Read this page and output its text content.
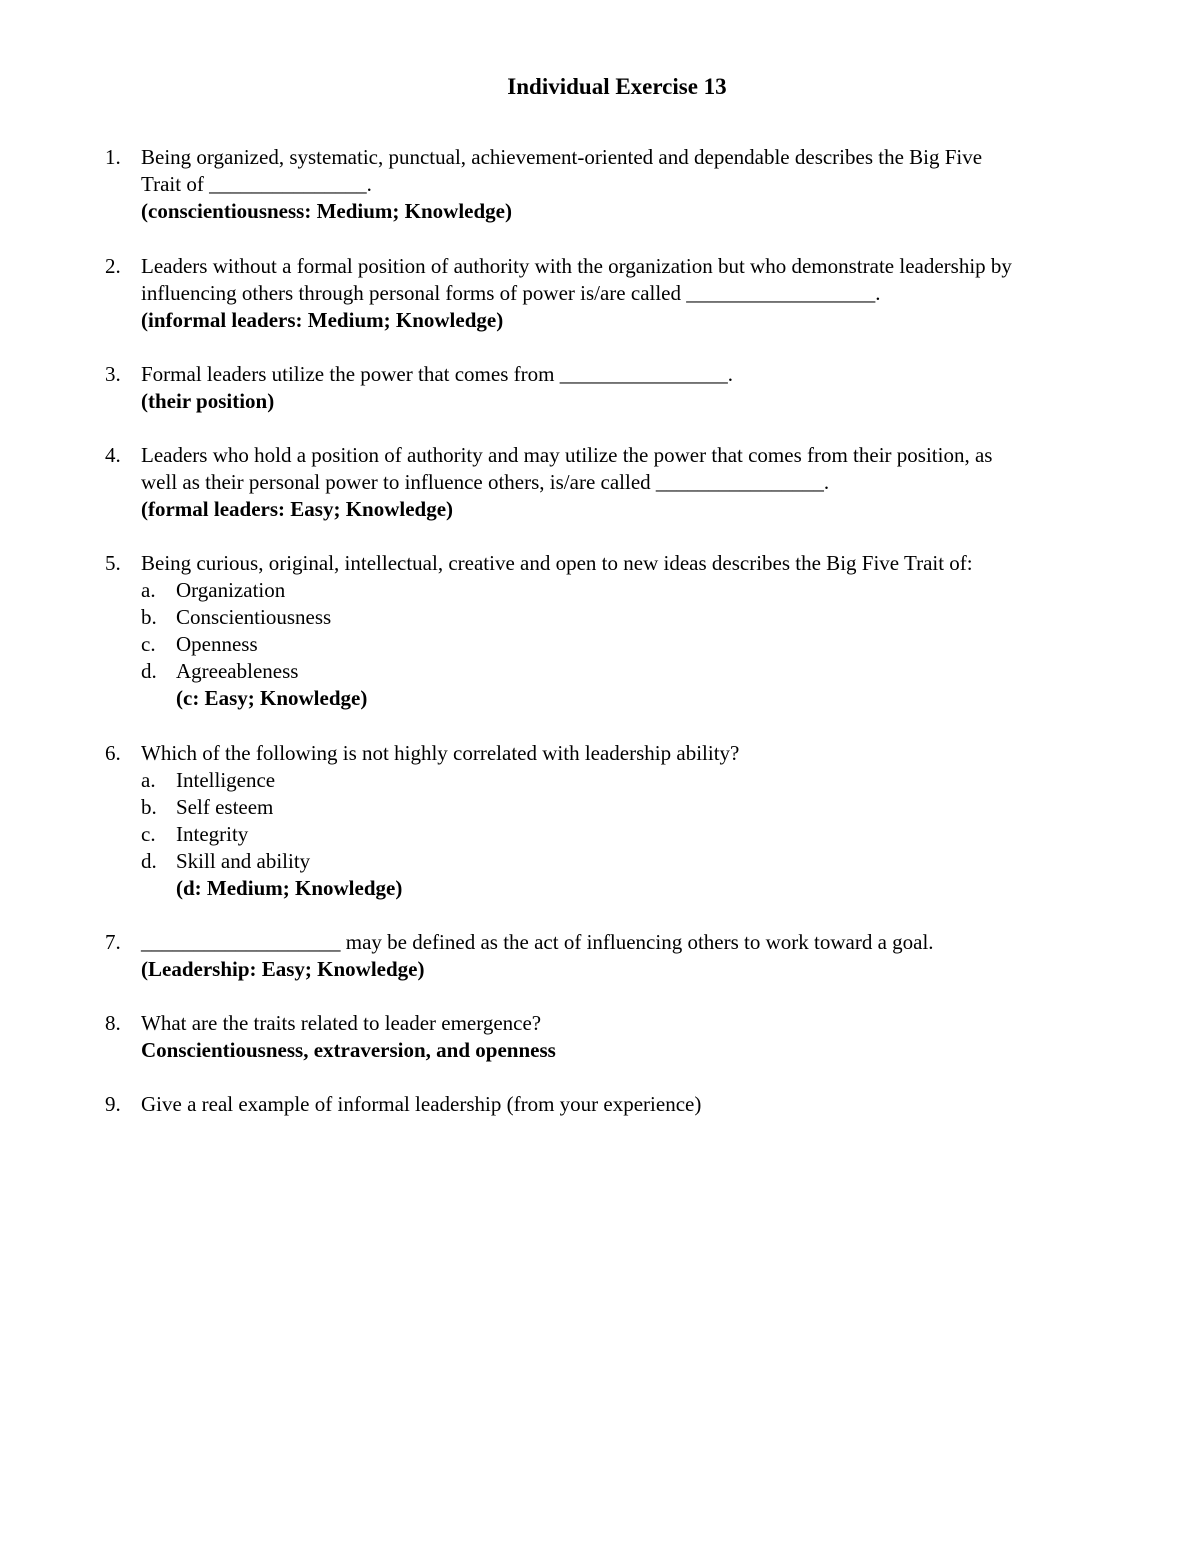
Individual Exercise 13
1. Being organized, systematic, punctual, achievement-oriented and dependable describes the Big Five
Trait of _______________.
(conscientiousness: Medium; Knowledge)
2. Leaders without a formal position of authority with the organization but who demonstrate leadership by
influencing others through personal forms of power is/are called __________________.
(informal leaders: Medium; Knowledge)
3. Formal leaders utilize the power that comes from ________________.
(their position)
4. Leaders who hold a position of authority and may utilize the power that comes from their position, as
well as their personal power to influence others, is/are called ________________.
(formal leaders: Easy; Knowledge)
5. Being curious, original, intellectual, creative and open to new ideas describes the Big Five Trait of:
a. Organization
b. Conscientiousness
c. Openness
d. Agreeableness
(c: Easy; Knowledge)
6. Which of the following is not highly correlated with leadership ability?
a. Intelligence
b. Self esteem
c. Integrity
d. Skill and ability
(d: Medium; Knowledge)
7. ___________________ may be defined as the act of influencing others to work toward a goal.
(Leadership: Easy; Knowledge)
8. What are the traits related to leader emergence?
Conscientiousness, extraversion, and openness
9. Give a real example of informal leadership (from your experience)
